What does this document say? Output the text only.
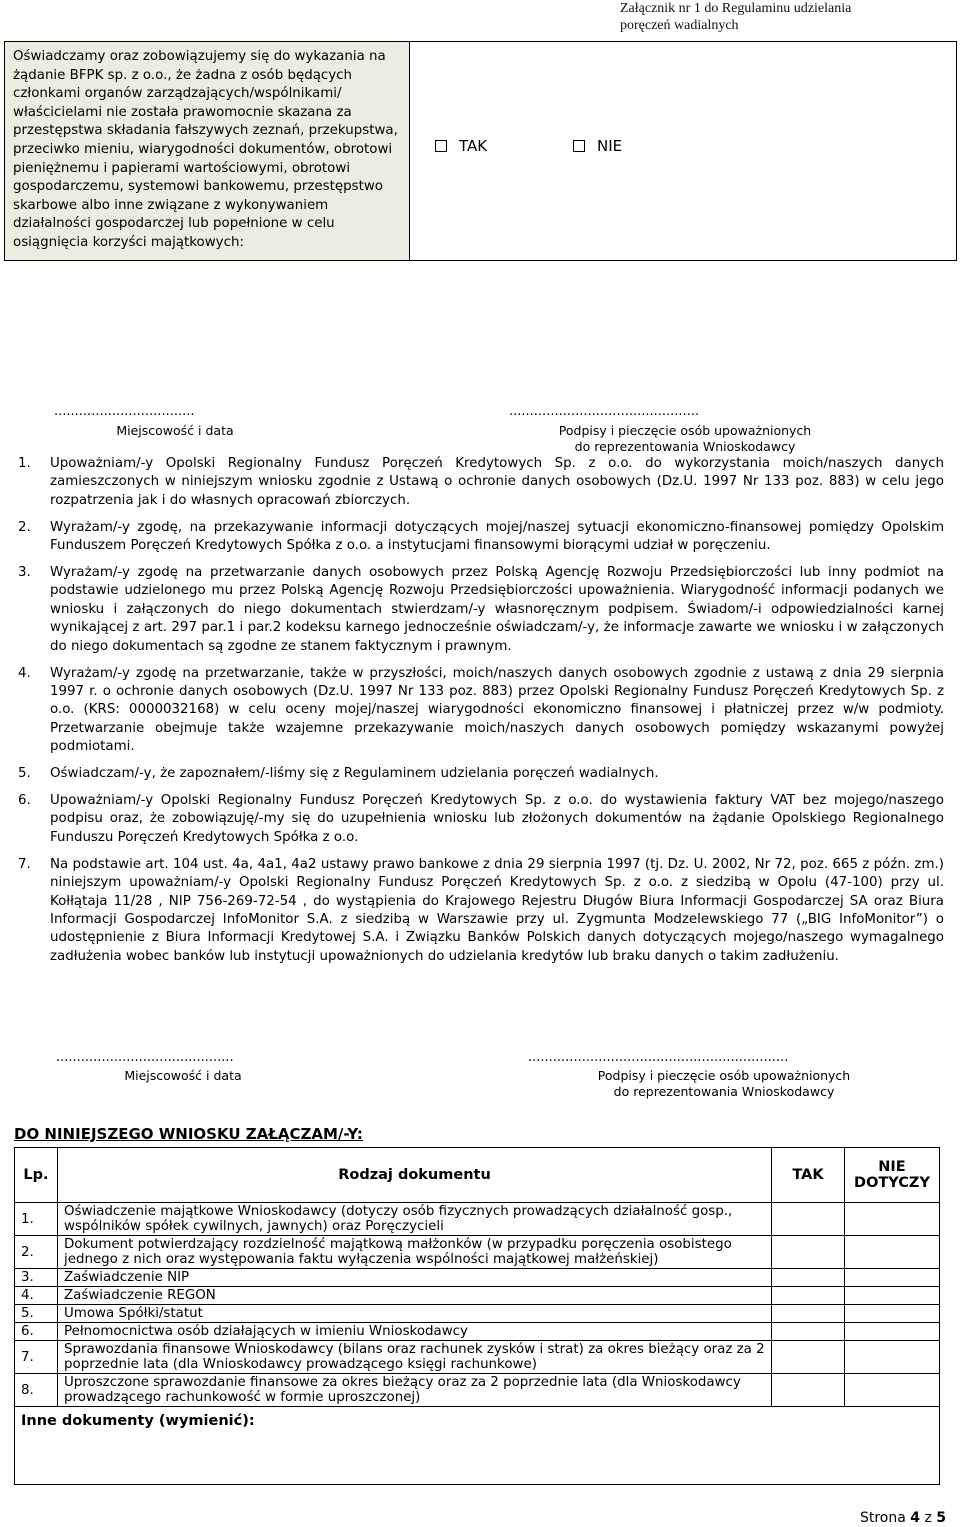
Załącznik nr 1 do Regulaminu udzielania
poręczeń wadialnych
Oświadczamy oraz zobowiązujemy się do wykazania na żądanie BFPK sp. z o.o., że żadna z osób będących członkami organów zarządzających/wspólnikami/ właścicielami nie została prawomocnie skazana za przestępstwa składania fałszywych zeznań, przekupstwa, przeciwko mieniu, wiarygodności dokumentów, obrotowi pieniężnemu i papierami wartościowymi, obrotowi gospodarczemu, systemowi bankowemu, przestępstwo skarbowe albo inne związane z wykonywaniem działalności gospodarczej lub popełnione w celu osiągnięcia korzyści majątkowych:
TAK	NIE
..................................	..............................................
Miejscowość i data	Podpisy i pieczęcie osób upoważnionych
do reprezentowania Wnioskodawcy
1.	Upoważniam/-y Opolski Regionalny Fundusz Poręczeń Kredytowych Sp. z o.o. do wykorzystania moich/naszych danych zamieszczonych w niniejszym wniosku zgodnie z Ustawą o ochronie danych osobowych (Dz.U. 1997 Nr 133 poz. 883) w celu jego rozpatrzenia jak i do własnych opracowań zbiorczych.
2.	Wyrażam/-y zgodę, na przekazywanie informacji dotyczących mojej/naszej sytuacji ekonomiczno-finansowej pomiędzy Opolskim Funduszem Poręczeń Kredytowych Spółka z o.o. a instytucjami finansowymi biorącymi udział w poręczeniu.
3.	Wyrażam/-y zgodę na przetwarzanie danych osobowych przez Polską Agencję Rozwoju Przedsiębiorczości lub inny podmiot na podstawie udzielonego mu przez Polską Agencję Rozwoju Przedsiębiorczości upoważnienia. Wiarygodność informacji podanych we wniosku i załączonych do niego dokumentach stwierdzam/-y własnoręcznym podpisem. Świadom/-i odpowiedzialności karnej wynikającej z art. 297 par.1 i par.2 kodeksu karnego jednocześnie oświadczam/-y, że informacje zawarte we wniosku i w załączonych do niego dokumentach są zgodne ze stanem faktycznym i prawnym.
4.	Wyrażam/-y zgodę na przetwarzanie, także w przyszłości, moich/naszych danych osobowych zgodnie z ustawą z dnia 29 sierpnia 1997 r. o ochronie danych osobowych (Dz.U. 1997 Nr 133 poz. 883) przez Opolski Regionalny Fundusz Poręczeń Kredytowych Sp. z o.o. (KRS: 0000032168) w celu oceny mojej/naszej wiarygodności ekonomiczno finansowej i płatniczej przez w/w podmioty. Przetwarzanie obejmuje także wzajemne przekazywanie moich/naszych danych osobowych pomiędzy wskazanymi powyżej podmiotami.
5.	Oświadczam/-y, że zapoznałem/-liśmy się z Regulaminem udzielania poręczeń wadialnych.
6.	Upoważniam/-y Opolski Regionalny Fundusz Poręczeń Kredytowych Sp. z o.o. do wystawienia faktury VAT bez mojego/naszego podpisu oraz, że zobowiązuję/-my się do uzupełnienia wniosku lub złożonych dokumentów na żądanie Opolskiego Regionalnego Funduszu Poręczeń Kredytowych Spółka z o.o.
7.	Na podstawie art. 104 ust. 4a, 4a1, 4a2 ustawy prawo bankowe z dnia 29 sierpnia 1997 (tj. Dz. U. 2002, Nr 72, poz. 665 z późn. zm.) niniejszym upoważniam/-y Opolski Regionalny Fundusz Poręczeń Kredytowych Sp. z o.o. z siedzibą w Opolu (47-100) przy ul. Kołłątaja 11/28 , NIP 756-269-72-54 , do wystąpienia do Krajowego Rejestru Długów Biura Informacji Gospodarczej SA oraz Biura Informacji Gospodarczej InfoMonitor S.A. z siedzibą w Warszawie przy ul. Zygmunta Modzelewskiego 77 („BIG InfoMonitor”) o udostępnienie z Biura Informacji Kredytowej S.A. i Związku Banków Polskich danych dotyczących mojego/naszego wymagalnego zadłużenia wobec banków lub instytucji upoważnionych do udzielania kredytów lub braku danych o takim zadłużeniu.
...........................................	...............................................................
Miejscowość i data	Podpisy i pieczęcie osób upoważnionych
do reprezentowania Wnioskodawcy
DO NINIEJSZEGO WNIOSKU ZAŁĄCZAM/-Y:
Lp.	Rodzaj dokumentu	TAK	NIE DOTYCZY
1.	Oświadczenie majątkowe Wnioskodawcy (dotyczy osób fizycznych prowadzących działalność gosp., wspólników spółek cywilnych, jawnych) oraz Poręczycieli		
2.	Dokument potwierdzający rozdzielność majątkową małżonków (w przypadku poręczenia osobistego jednego z nich oraz występowania faktu wyłączenia wspólności majątkowej małżeńskiej)		
3.	Zaświadczenie NIP		
4.	Zaświadczenie REGON		
5.	Umowa Spółki/statut		
6.	Pełnomocnictwa osób działających w imieniu Wnioskodawcy		
7.	Sprawozdania finansowe Wnioskodawcy (bilans oraz rachunek zysków i strat) za okres bieżący oraz za 2 poprzednie lata (dla Wnioskodawcy prowadzącego księgi rachunkowe)		
8.	Uproszczone sprawozdanie finansowe za okres bieżący oraz za 2 poprzednie lata (dla Wnioskodawcy prowadzącego rachunkowość w formie uproszczonej)		
Inne dokumenty (wymienić):			
Strona 4 z 5
